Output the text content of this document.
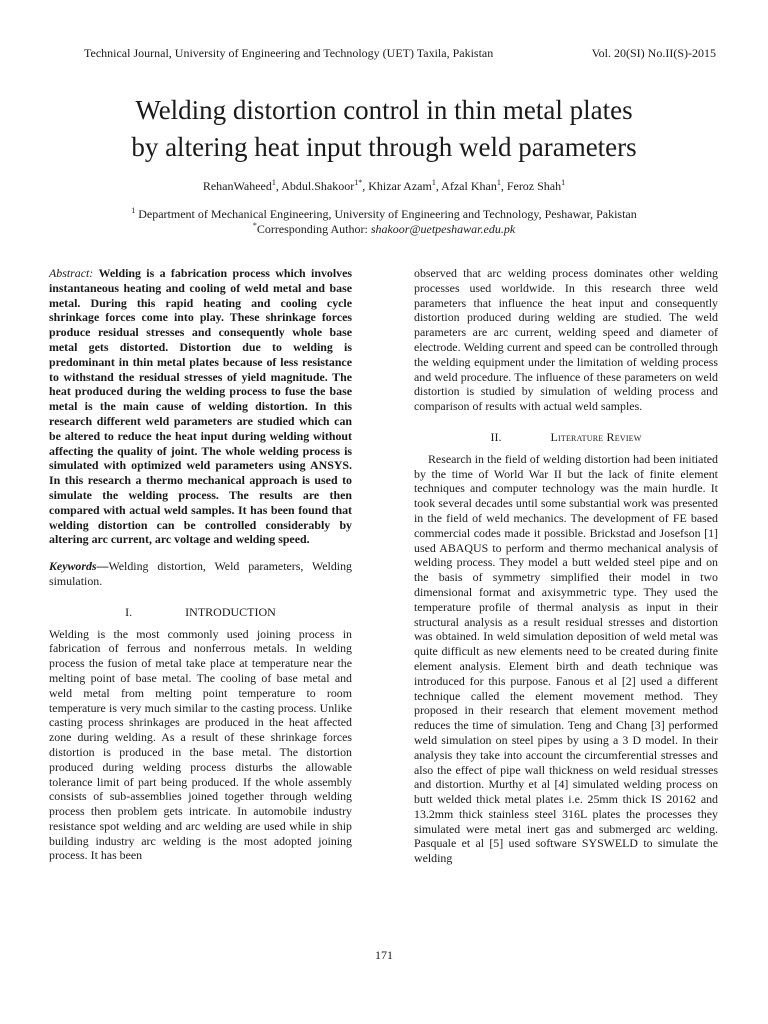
Technical Journal, University of Engineering and Technology (UET) Taxila, Pakistan	Vol. 20(SI) No.II(S)-2015
Welding distortion control in thin metal plates
by altering heat input through weld parameters
RehanWaheed$^1$, Abdul.Shakoor$^{1*}$, Khizar Azam$^1$, Afzal Khan$^1$, Feroz Shah$^1$
$^1$ Department of Mechanical Engineering, University of Engineering and Technology, Peshawar, Pakistan
*Corresponding Author: shakoor@uetpeshawar.edu.pk

Abstract: Welding is a fabrication process which involves instantaneous heating and cooling of weld metal and base metal. During this rapid heating and cooling cycle shrinkage forces come into play. These shrinkage forces produce residual stresses and consequently whole base metal gets distorted. Distortion due to welding is predominant in thin metal plates because of less resistance to withstand the residual stresses of yield magnitude. The heat produced during the welding process to fuse the base metal is the main cause of welding distortion. In this research different weld parameters are studied which can be altered to reduce the heat input during welding without affecting the quality of joint. The whole welding process is simulated with optimized weld parameters using ANSYS. In this research a thermo mechanical approach is used to simulate the welding process. The results are then compared with actual weld samples. It has been found that welding distortion can be controlled considerably by altering arc current, arc voltage and welding speed.

Keywords—Welding distortion, Weld parameters, Welding simulation.

I.	INTRODUCTION

Welding is the most commonly used joining process in fabrication of ferrous and nonferrous metals. In welding process the fusion of metal take place at temperature near the melting point of base metal. The cooling of base metal and weld metal from melting point temperature to room temperature is very much similar to the casting process. Unlike casting process shrinkages are produced in the heat affected zone during welding. As a result of these shrinkage forces distortion is produced in the base metal. The distortion produced during welding process disturbs the allowable tolerance limit of part being produced. If the whole assembly consists of sub-assemblies joined together through welding process then problem gets intricate. In automobile industry resistance spot welding and arc welding are used while in ship building industry arc welding is the most adopted joining process. It has been

observed that arc welding process dominates other welding processes used worldwide. In this research three weld parameters that influence the heat input and consequently distortion produced during welding are studied. The weld parameters are arc current, welding speed and diameter of electrode. Welding current and speed can be controlled through the welding equipment under the limitation of welding process and weld procedure. The influence of these parameters on weld distortion is studied by simulation of welding process and comparison of results with actual weld samples.

II.	Literature Review

Research in the field of welding distortion had been initiated by the time of World War II but the lack of finite element techniques and computer technology was the main hurdle. It took several decades until some substantial work was presented in the field of weld mechanics. The development of FE based commercial codes made it possible. Brickstad and Josefson [1] used ABAQUS to perform and thermo mechanical analysis of welding process. They model a butt welded steel pipe and on the basis of symmetry simplified their model in two dimensional format and axisymmetric type. They used the temperature profile of thermal analysis as input in their structural analysis as a result residual stresses and distortion was obtained. In weld simulation deposition of weld metal was quite difficult as new elements need to be created during finite element analysis. Element birth and death technique was introduced for this purpose. Fanous et al [2] used a different technique called the element movement method. They proposed in their research that element movement method reduces the time of simulation. Teng and Chang [3] performed weld simulation on steel pipes by using a 3 D model. In their analysis they take into account the circumferential stresses and also the effect of pipe wall thickness on weld residual stresses and distortion. Murthy et al [4] simulated welding process on butt welded thick metal plates i.e. 25mm thick IS 20162 and 13.2mm thick stainless steel 316L plates the processes they simulated were metal inert gas and submerged arc welding. Pasquale et al [5] used software SYSWELD to simulate the welding

171
